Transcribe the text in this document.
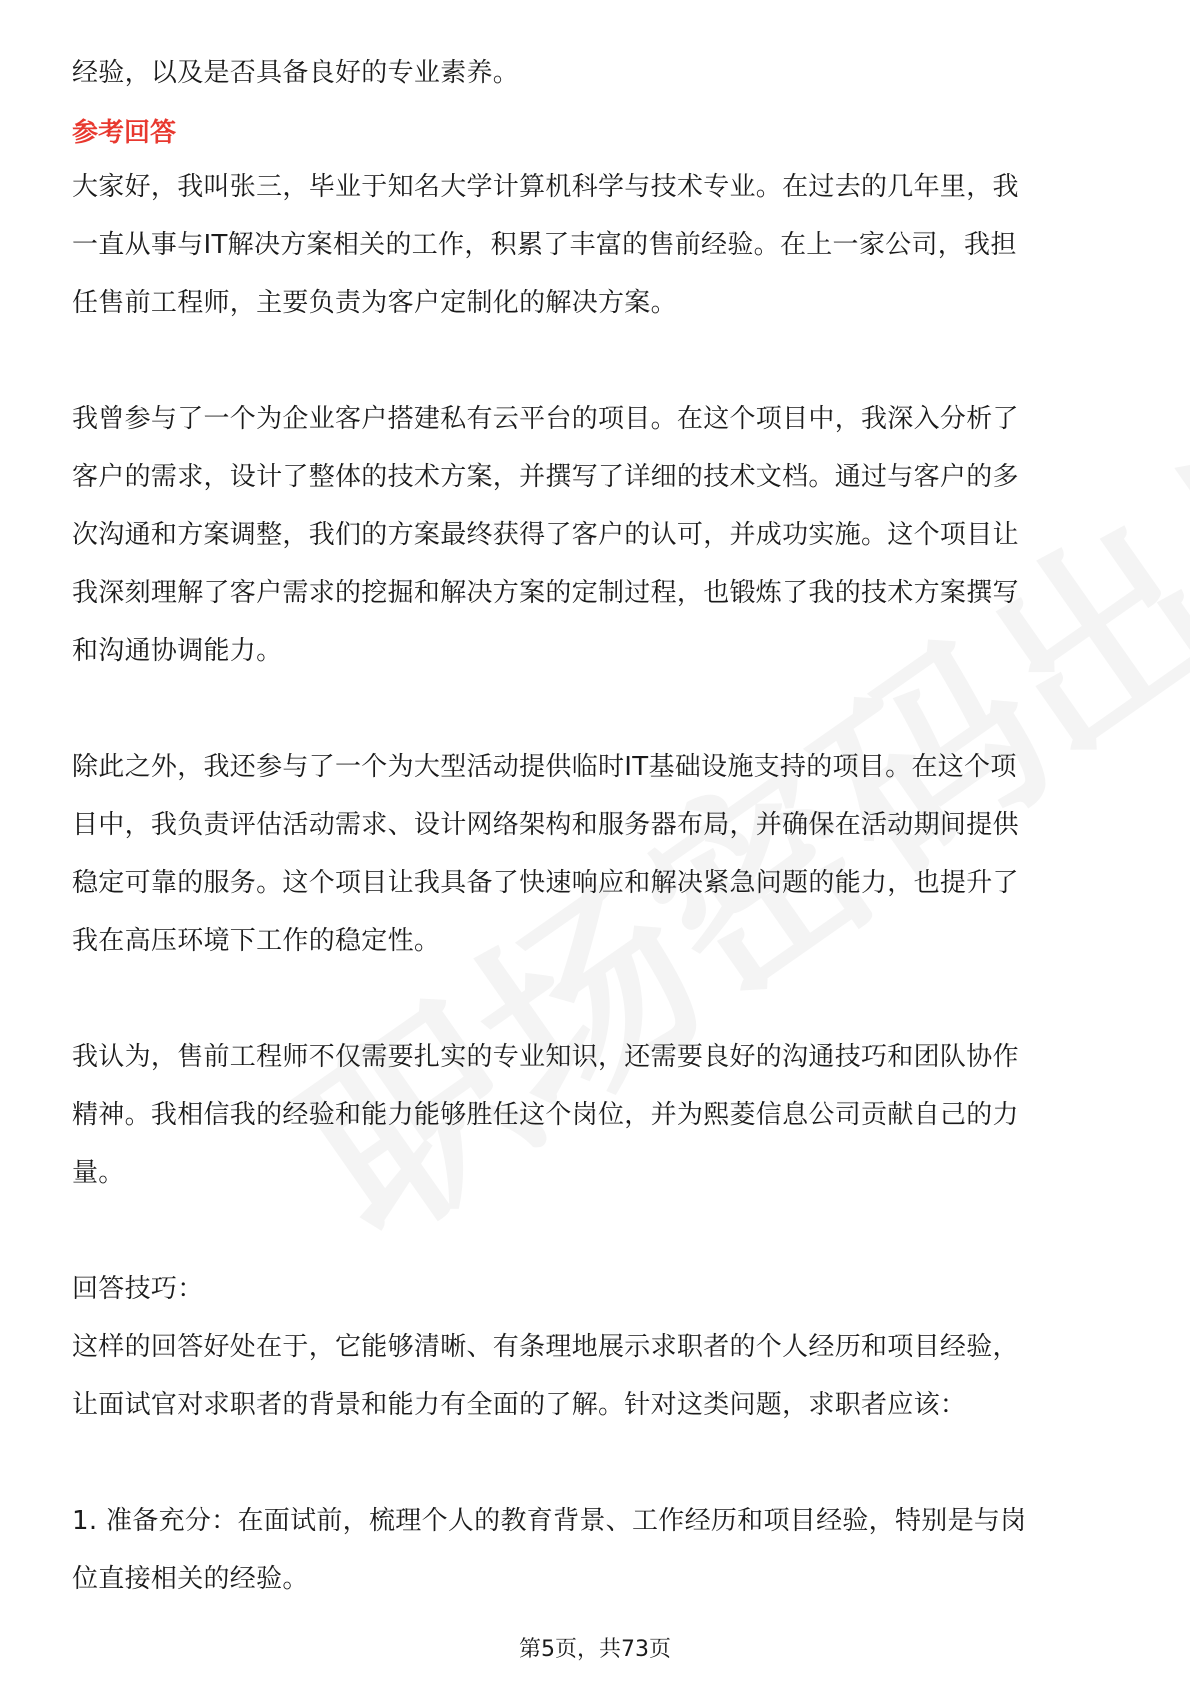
经验，以及是否具备良好的专业素养。
参考回答
大家好，我叫张三，毕业于知名大学计算机科学与技术专业。在过去的几年里，我
一直从事与IT解决方案相关的工作，积累了丰富的售前经验。在上一家公司，我担
任售前工程师，主要负责为客户定制化的解决方案。
我曾参与了一个为企业客户搭建私有云平台的项目。在这个项目中，我深入分析了
客户的需求，设计了整体的技术方案，并撰写了详细的技术文档。通过与客户的多
次沟通和方案调整，我们的方案最终获得了客户的认可，并成功实施。这个项目让
我深刻理解了客户需求的挖掘和解决方案的定制过程，也锻炼了我的技术方案撰写
和沟通协调能力。
除此之外，我还参与了一个为大型活动提供临时IT基础设施支持的项目。在这个项
目中，我负责评估活动需求、设计网络架构和服务器布局，并确保在活动期间提供
稳定可靠的服务。这个项目让我具备了快速响应和解决紧急问题的能力，也提升了
我在高压环境下工作的稳定性。
我认为，售前工程师不仅需要扎实的专业知识，还需要良好的沟通技巧和团队协作
精神。我相信我的经验和能力能够胜任这个岗位，并为熙菱信息公司贡献自己的力
量。
回答技巧：
这样的回答好处在于，它能够清晰、有条理地展示求职者的个人经历和项目经验，
让面试官对求职者的背景和能力有全面的了解。针对这类问题，求职者应该：
1. 准备充分：在面试前，梳理个人的教育背景、工作经历和项目经验，特别是与岗
位直接相关的经验。
第5页，共73页
